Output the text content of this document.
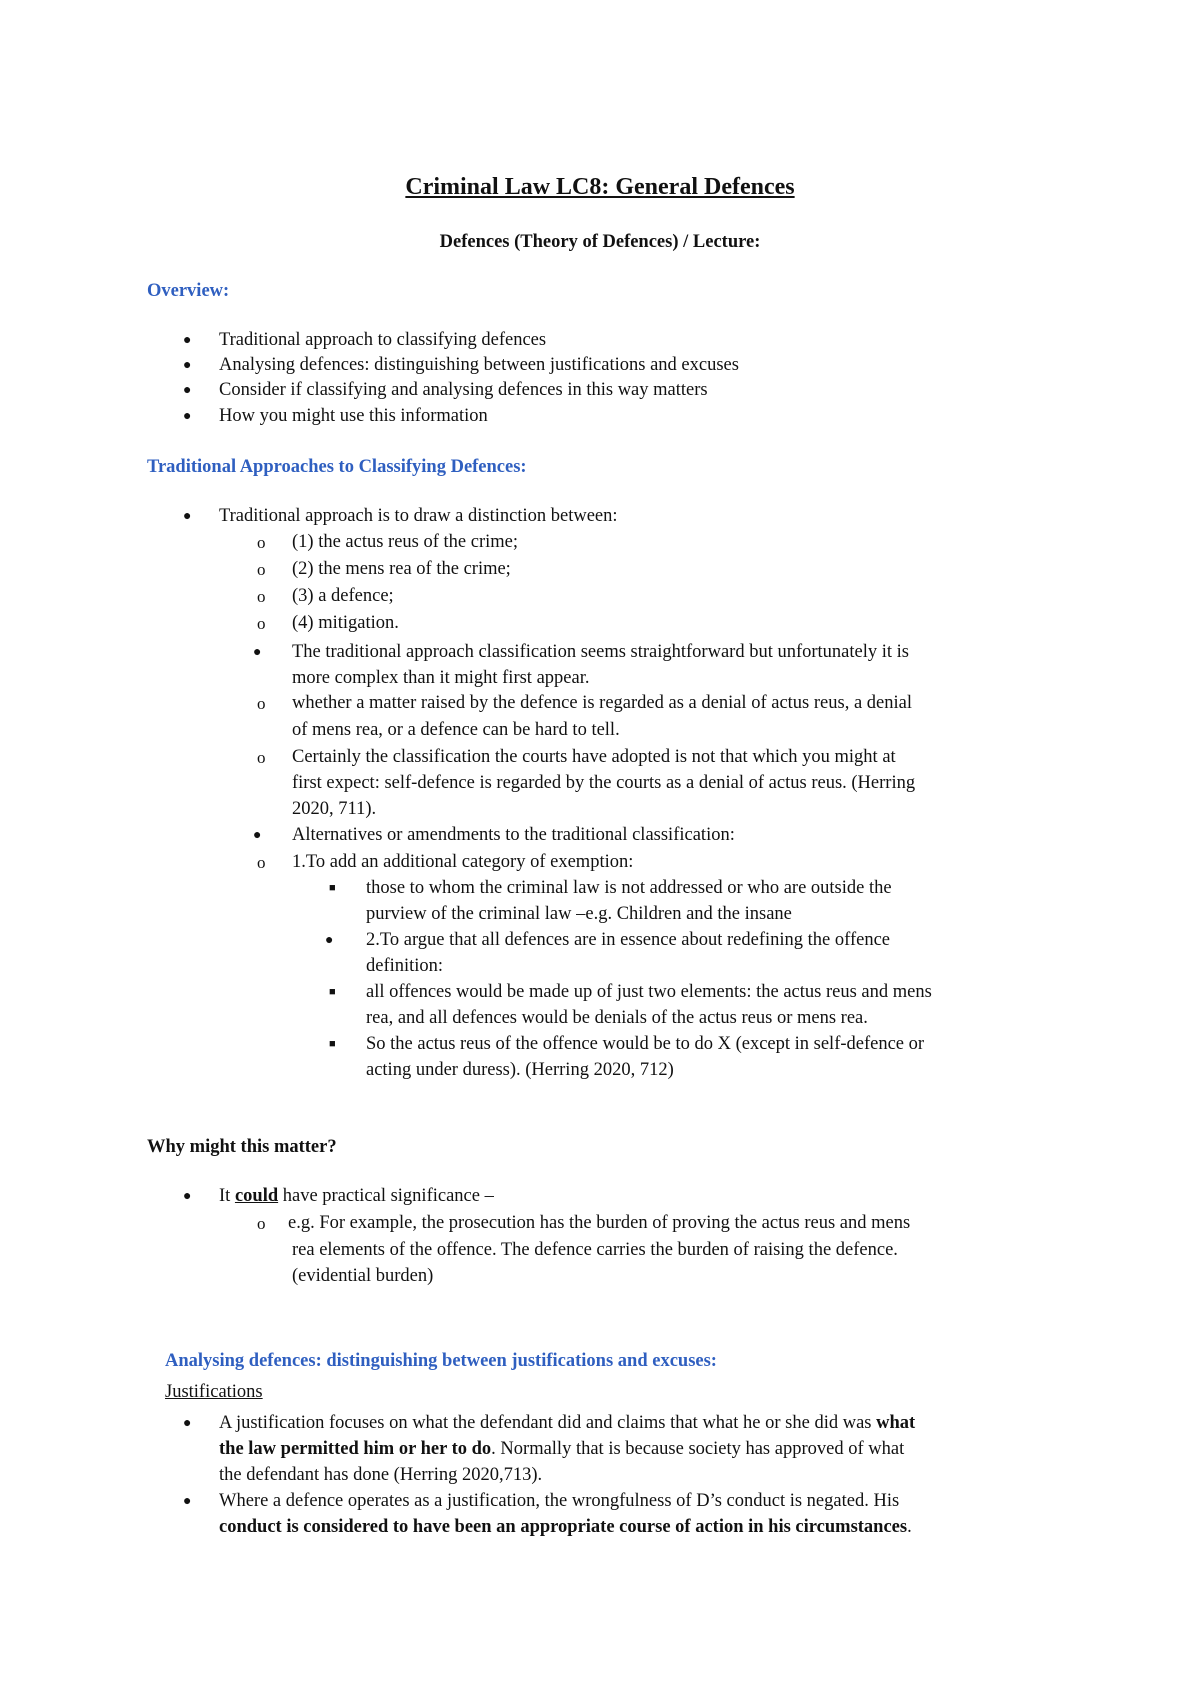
Criminal Law LC8: General Defences
Defences (Theory of Defences) / Lecture:
Overview:
● Traditional approach to classifying defences
● Analysing defences: distinguishing between justifications and excuses
● Consider if classifying and analysing defences in this way matters
● How you might use this information
Traditional Approaches to Classifying Defences:
● Traditional approach is to draw a distinction between:
o (1) the actus reus of the crime;
o (2) the mens rea of the crime;
o (3) a defence;
o (4) mitigation.
● The traditional approach classification seems straightforward but unfortunately it is
more complex than it might first appear.
o whether a matter raised by the defence is regarded as a denial of actus reus, a denial
of mens rea, or a defence can be hard to tell.
o Certainly the classification the courts have adopted is not that which you might at
first expect: self-defence is regarded by the courts as a denial of actus reus. (Herring
2020, 711).
● Alternatives or amendments to the traditional classification:
o 1.To add an additional category of exemption:
■ those to whom the criminal law is not addressed or who are outside the
purview of the criminal law –e.g. Children and the insane
● 2.To argue that all defences are in essence about redefining the offence
definition:
■ all offences would be made up of just two elements: the actus reus and mens
rea, and all defences would be denials of the actus reus or mens rea.
■ So the actus reus of the offence would be to do X (except in self-defence or
acting under duress). (Herring 2020, 712)
Why might this matter?
● It could have practical significance –
o e.g. For example, the prosecution has the burden of proving the actus reus and mens
rea elements of the offence. The defence carries the burden of raising the defence.
(evidential burden)
Analysing defences: distinguishing between justifications and excuses:
Justifications
● A justification focuses on what the defendant did and claims that what he or she did was what
the law permitted him or her to do. Normally that is because society has approved of what
the defendant has done (Herring 2020,713).
● Where a defence operates as a justification, the wrongfulness of D’s conduct is negated. His
conduct is considered to have been an appropriate course of action in his circumstances.
